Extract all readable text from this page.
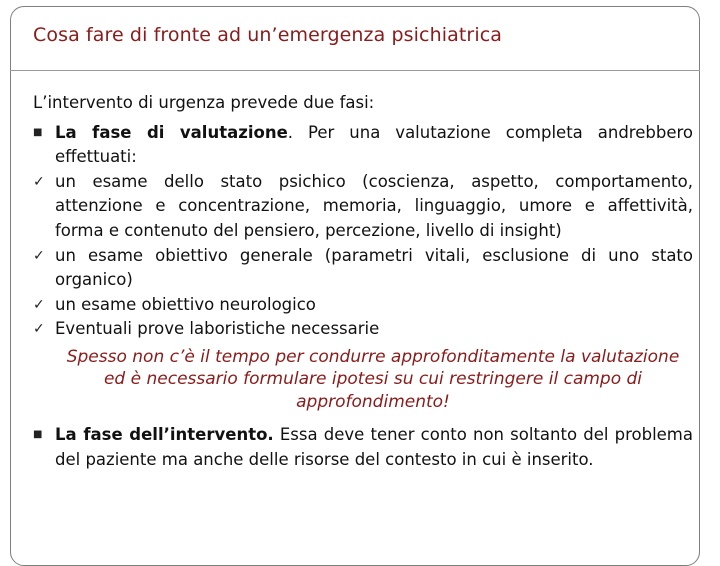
Cosa fare di fronte ad un’emergenza psichiatrica
L’intervento di urgenza prevede due fasi:
■ La fase di valutazione. Per una valutazione completa andrebbero effettuati:
✓ un esame dello stato psichico (coscienza, aspetto, comportamento, attenzione e concentrazione, memoria, linguaggio, umore e affettività, forma e contenuto del pensiero, percezione, livello di insight)
✓ un esame obiettivo generale (parametri vitali, esclusione di uno stato organico)
✓ un esame obiettivo neurologico
✓ Eventuali prove laboristiche necessarie
Spesso non c’è il tempo per condurre approfonditamente la valutazione ed è necessario formulare ipotesi su cui restringere il campo di approfondimento!
■ La fase dell’intervento. Essa deve tener conto non soltanto del problema del paziente ma anche delle risorse del contesto in cui è inserito.
